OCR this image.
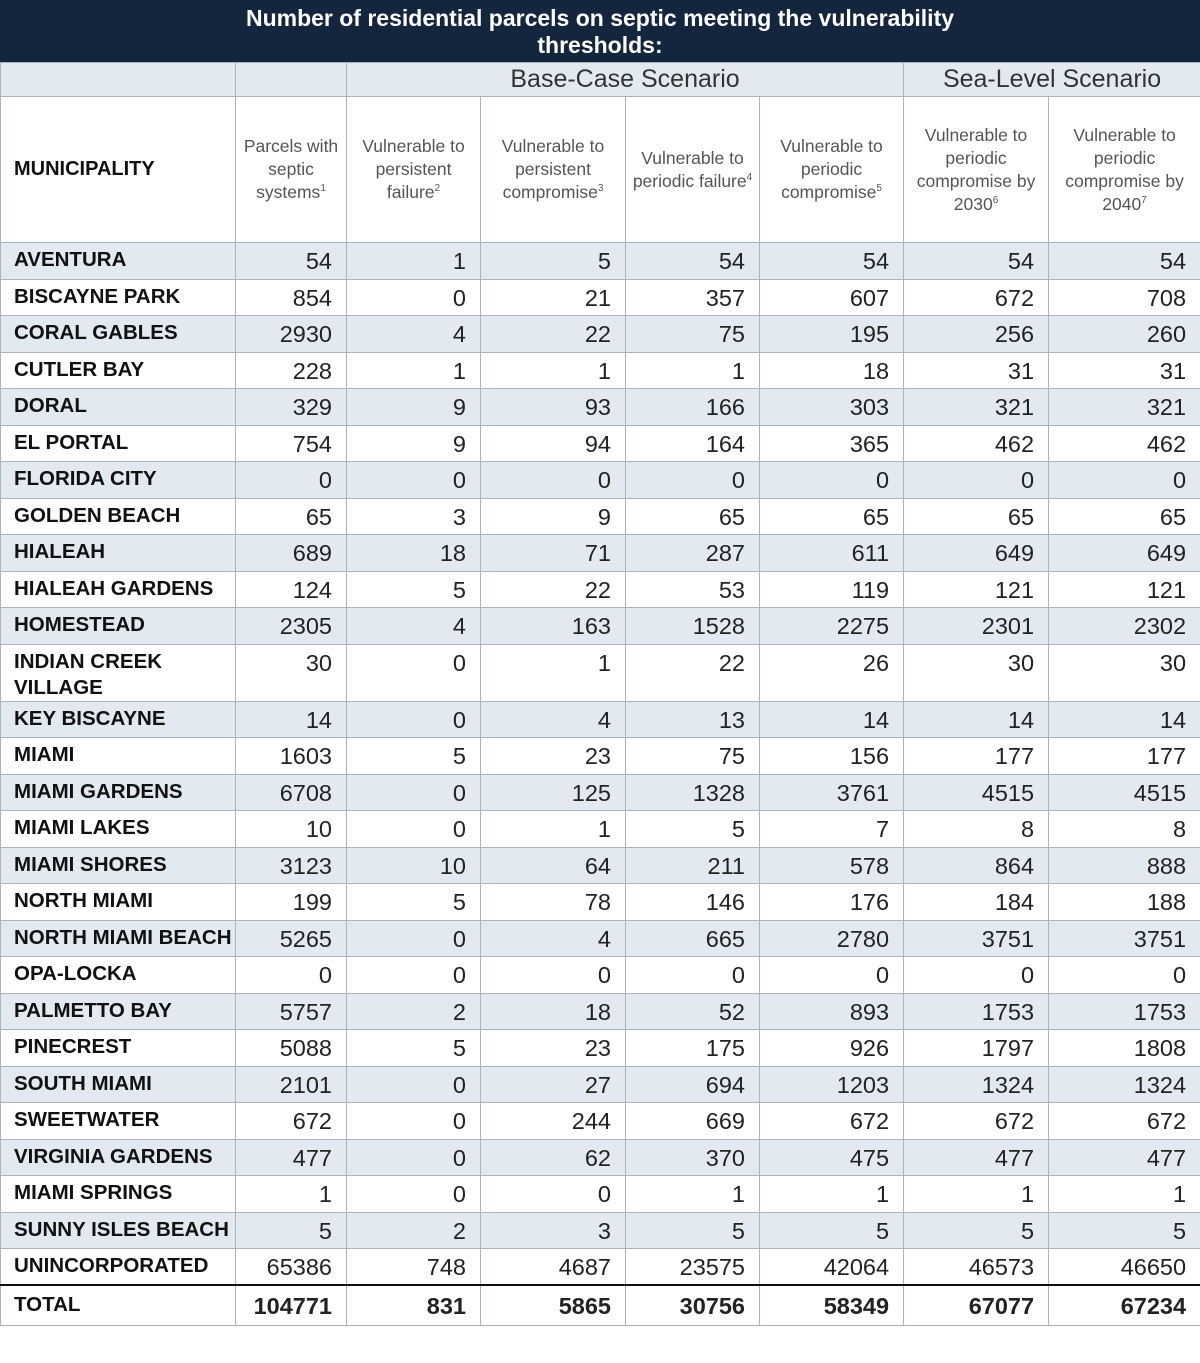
Number of residential parcels on septic meeting the vulnerability thresholds:
		Base-Case Scenario				Sea-Level Scenario	
MUNICIPALITY	Parcels with septic systems$^1$	Vulnerable to persistent failure$^2$	Vulnerable to persistent compromise$^3$	Vulnerable to periodic failure$^4$	Vulnerable to periodic compromise$^5$	Vulnerable to periodic compromise by 2030$^6$	Vulnerable to periodic compromise by 2040$^7$
AVENTURA	54	1	5	54	54	54	54
BISCAYNE PARK	854	0	21	357	607	672	708
CORAL GABLES	2930	4	22	75	195	256	260
CUTLER BAY	228	1	1	1	18	31	31
DORAL	329	9	93	166	303	321	321
EL PORTAL	754	9	94	164	365	462	462
FLORIDA CITY	0	0	0	0	0	0	0
GOLDEN BEACH	65	3	9	65	65	65	65
HIALEAH	689	18	71	287	611	649	649
HIALEAH GARDENS	124	5	22	53	119	121	121
HOMESTEAD	2305	4	163	1528	2275	2301	2302
INDIAN CREEK VILLAGE	30	0	1	22	26	30	30
KEY BISCAYNE	14	0	4	13	14	14	14
MIAMI	1603	5	23	75	156	177	177
MIAMI GARDENS	6708	0	125	1328	3761	4515	4515
MIAMI LAKES	10	0	1	5	7	8	8
MIAMI SHORES	3123	10	64	211	578	864	888
NORTH MIAMI	199	5	78	146	176	184	188
NORTH MIAMI BEACH	5265	0	4	665	2780	3751	3751
OPA-LOCKA	0	0	0	0	0	0	0
PALMETTO BAY	5757	2	18	52	893	1753	1753
PINECREST	5088	5	23	175	926	1797	1808
SOUTH MIAMI	2101	0	27	694	1203	1324	1324
SWEETWATER	672	0	244	669	672	672	672
VIRGINIA GARDENS	477	0	62	370	475	477	477
MIAMI SPRINGS	1	0	0	1	1	1	1
SUNNY ISLES BEACH	5	2	3	5	5	5	5
UNINCORPORATED	65386	748	4687	23575	42064	46573	46650
TOTAL	104771	831	5865	30756	58349	67077	67234
